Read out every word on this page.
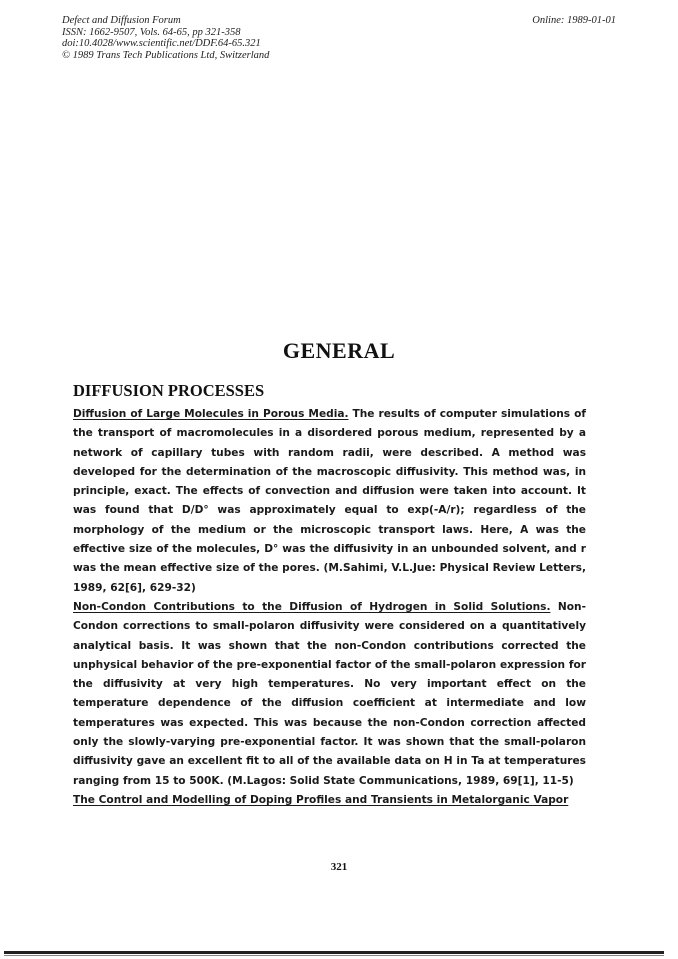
Defect and Diffusion Forum
ISSN: 1662-9507, Vols. 64-65, pp 321-358
doi:10.4028/www.scientific.net/DDF.64-65.321
© 1989 Trans Tech Publications Ltd, Switzerland
Online: 1989-01-01
GENERAL
DIFFUSION PROCESSES

Diffusion of Large Molecules in Porous Media. The results of computer simulations of the transport of macromolecules in a disordered porous medium, represented by a network of capillary tubes with random radii, were described. A method was developed for the determination of the macroscopic diffusivity. This method was, in principle, exact. The effects of convection and diffusion were taken into account. It was found that D/D° was approximately equal to exp(-A/r); regardless of the morphology of the medium or the microscopic transport laws. Here, A was the effective size of the molecules, D° was the diffusivity in an unbounded solvent, and r was the mean effective size of the pores. (M.Sahimi, V.L.Jue: Physical Review Letters, 1989, 62[6], 629-32)

Non-Condon Contributions to the Diffusion of Hydrogen in Solid Solutions. Non-Condon corrections to small-polaron diffusivity were considered on a quantitatively analytical basis. It was shown that the non-Condon contributions corrected the unphysical behavior of the pre-exponential factor of the small-polaron expression for the diffusivity at very high temperatures. No very important effect on the temperature dependence of the diffusion coefficient at intermediate and low temperatures was expected. This was because the non-Condon correction affected only the slowly-varying pre-exponential factor. It was shown that the small-polaron diffusivity gave an excellent fit to all of the available data on H in Ta at temperatures ranging from 15 to 500K. (M.Lagos: Solid State Communications, 1989, 69[1], 11-5)

The Control and Modelling of Doping Profiles and Transients in Metalorganic Vapor

321
